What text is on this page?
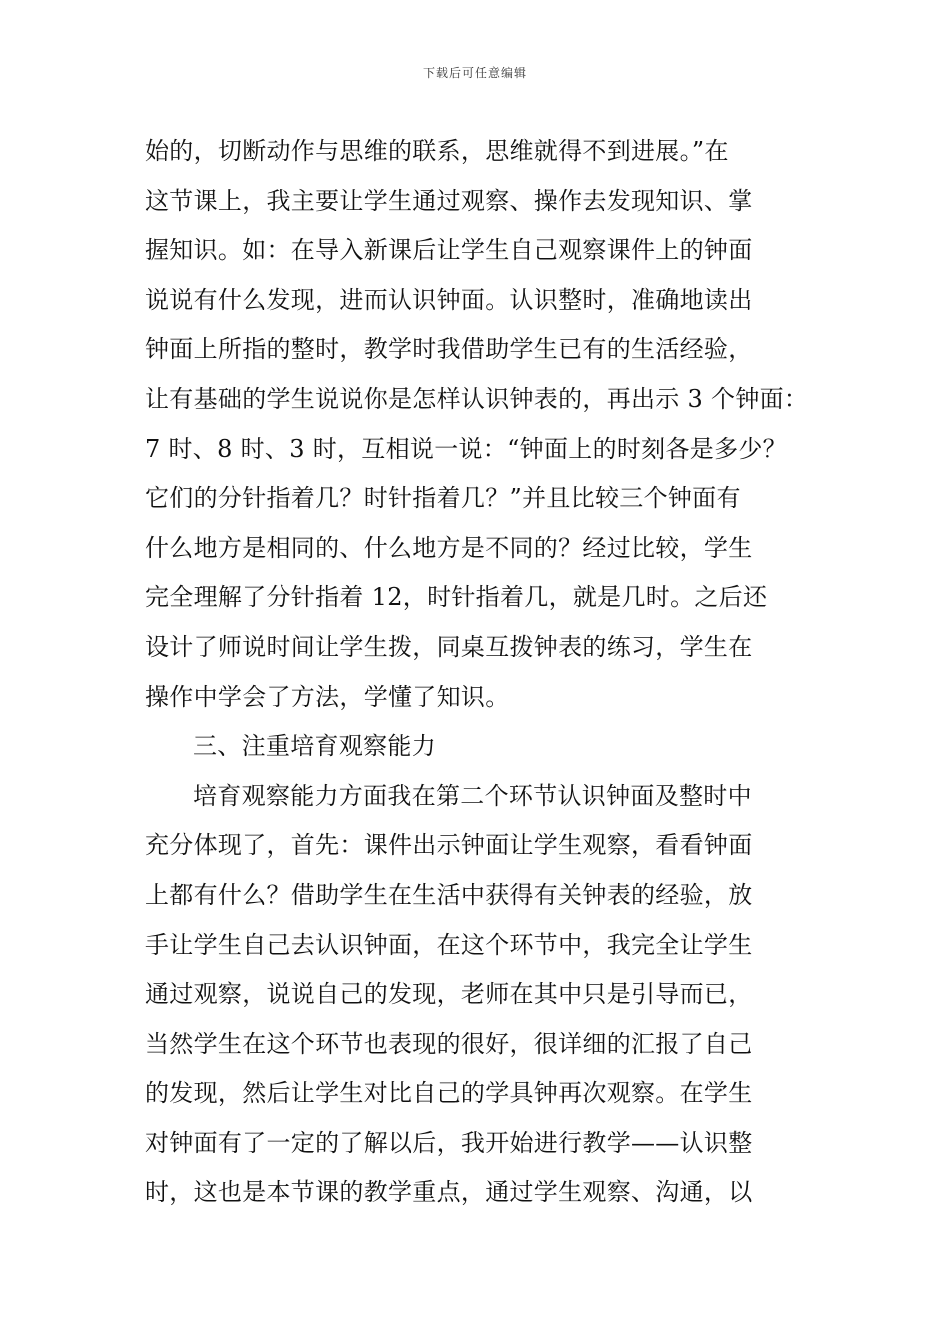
下载后可任意编辑
始的，切断动作与思维的联系，思维就得不到进展。”在
这节课上，我主要让学生通过观察、操作去发现知识、掌
握知识。如：在导入新课后让学生自己观察课件上的钟面
说说有什么发现，进而认识钟面。认识整时，准确地读出
钟面上所指的整时，教学时我借助学生已有的生活经验，
让有基础的学生说说你是怎样认识钟表的，再出示 3 个钟面：
7 时、8 时、3 时，互相说一说：“钟面上的时刻各是多少？
它们的分针指着几？时针指着几？”并且比较三个钟面有
什么地方是相同的、什么地方是不同的？经过比较，学生
完全理解了分针指着 12，时针指着几，就是几时。之后还
设计了师说时间让学生拨，同桌互拨钟表的练习，学生在
操作中学会了方法，学懂了知识。
三、注重培育观察能力
培育观察能力方面我在第二个环节认识钟面及整时中
充分体现了，首先：课件出示钟面让学生观察，看看钟面
上都有什么？借助学生在生活中获得有关钟表的经验，放
手让学生自己去认识钟面，在这个环节中，我完全让学生
通过观察，说说自己的发现，老师在其中只是引导而已，
当然学生在这个环节也表现的很好，很详细的汇报了自己
的发现，然后让学生对比自己的学具钟再次观察。在学生
对钟面有了一定的了解以后，我开始进行教学——认识整
时，这也是本节课的教学重点，通过学生观察、沟通，以
